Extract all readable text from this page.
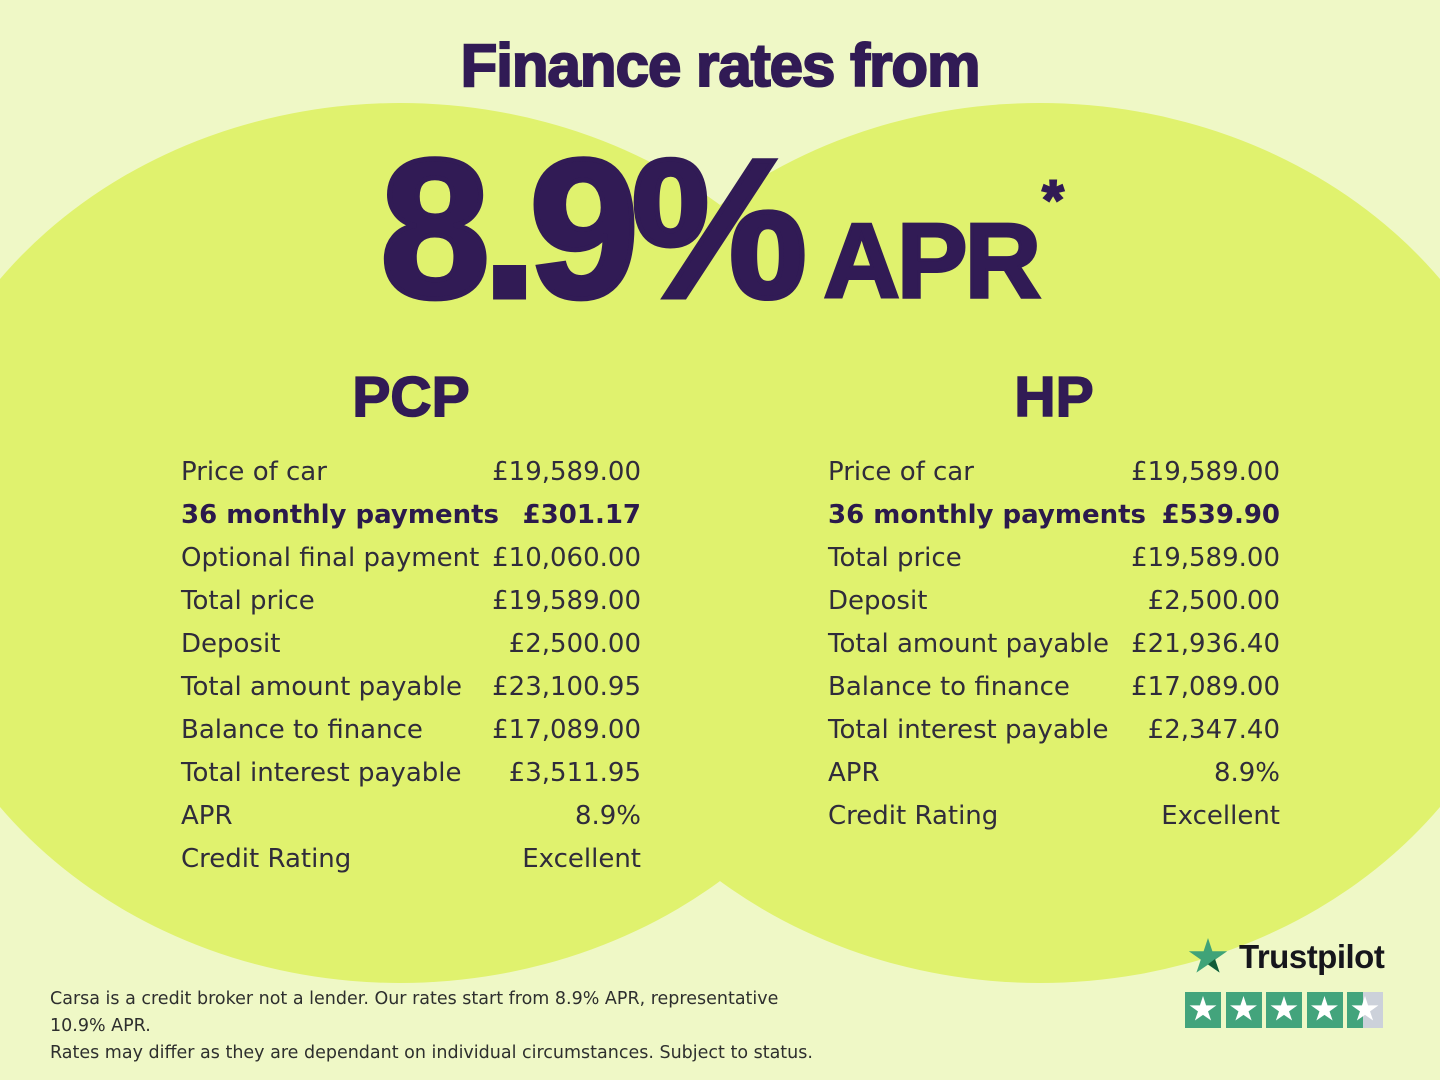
Finance rates from
8.9% APR
*
PCP
Price of car	£19,589.00
36 monthly payments £301.17
Optional final payment £10,060.00
Total price	£19,589.00
Deposit	£2,500.00
Total amount payable £23,100.95
Balance to finance	£17,089.00
Total interest payable £3,511.95
APR	8.9%
Credit Rating	Excellent
HP
Price of car	£19,589.00
36 monthly payments £539.90
Total price	£19,589.00
Deposit	£2,500.00
Total amount payable £21,936.40
Balance to finance £17,089.00
Total interest payable £2,347.40
APR	8.9%
Credit Rating	Excellent
Carsa is a credit broker not a lender. Our rates start from 8.9% APR, representative 10.9% APR.
Rates may differ as they are dependant on individual circumstances. Subject to status.
Trustpilot
